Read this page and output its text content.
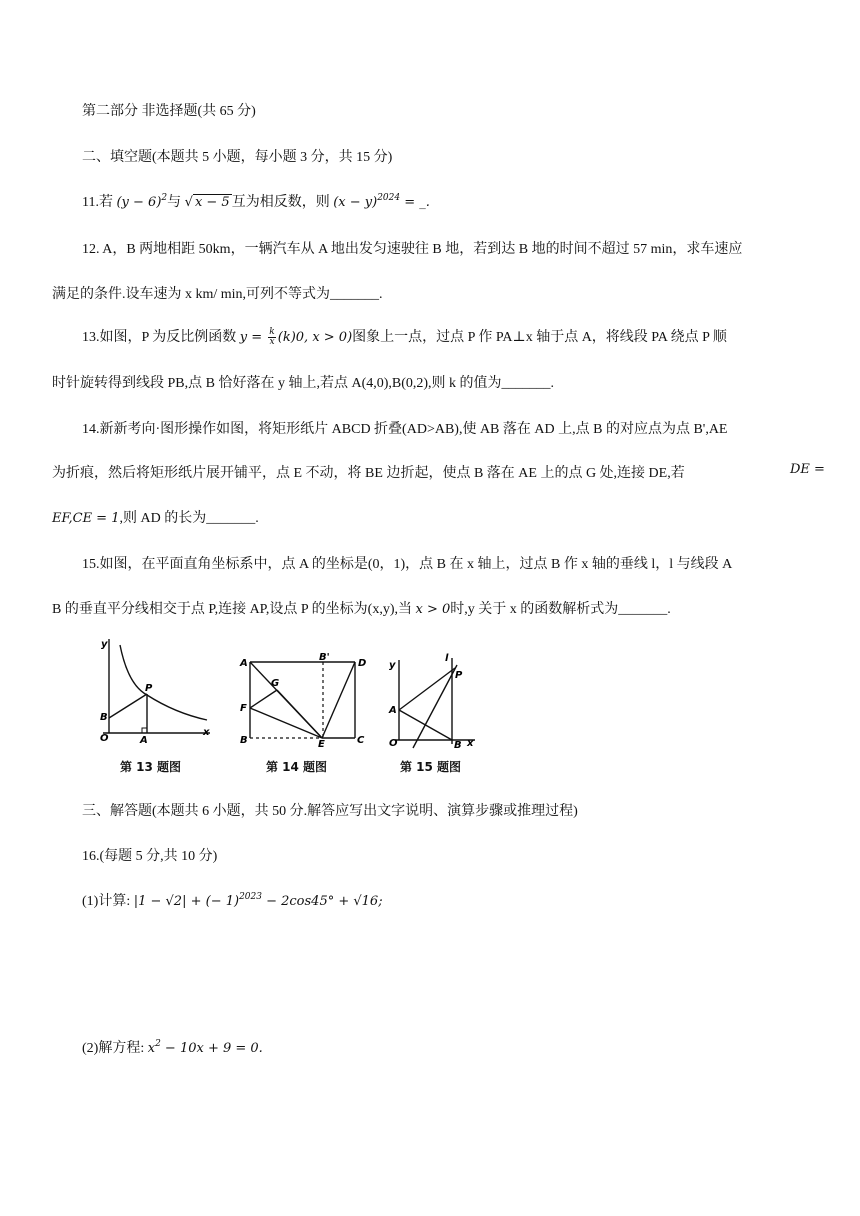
第二部分 非选择题(共 65 分)
二、填空题(本题共 5 小题，每小题 3 分，共 15 分)
11.若 $(y - 6)^2$与 √ x − 5 互为相反数，则 $(x - y)^{2024}$ = _.
12. A，B 两地相距 50km，一辆汽车从 A 地出发匀速驶往 B 地，若到达 B 地的时间不超过 57 min，求车速应
满足的条件.设车速为 x km/ min,可列不等式为_______.
13.如图，P 为反比例函数 $y = \frac{k}{x} (k)0$, x > 0)图象上一点，过点 P 作 PA⊥x 轴于点 A，将线段 PA 绕点 P 顺
时针旋转得到线段 PB,点 B 恰好落在 y 轴上,若点 A(4,0),B(0,2),则 k 的值为_______.
14.新新考向·图形操作如图，将矩形纸片 ABCD 折叠(AD>AB),使 AB 落在 AD 上,点 B 的对应点为点 B',AE
为折痕，然后将矩形纸片展开铺平，点 E 不动，将 BE 边折起，使点 B 落在 AE 上的点 G 处,连接 DE,若	DE =
EF,CE = 1,则 AD 的长为_______.
15.如图，在平面直角坐标系中，点 A 的坐标是(0，1)，点 B 在 x 轴上，过点 B 作 x 轴的垂线 l，l 与线段 A
B 的垂直平分线相交于点 P,连接 AP,设点 P 的坐标为(x,y),当 x > 0时,y 关于 x 的函数解析式为_______.
y
P
B
O	A
x
第 13 题图
A
B'
D
G
F
B	E	C
第 14 题图
y
l
P
A
O	B x
第 15 题图
三、解答题(本题共 6 小题，共 50 分.解答应写出文字说明、演算步骤或推理过程)
16.(每题 5 分,共 10 分)
(1)计算: |1 − √2| + (− 1)$^{2023}$ − 2cos45° + √16;
(2)解方程: $x^2 - 10x + 9 = 0$.
